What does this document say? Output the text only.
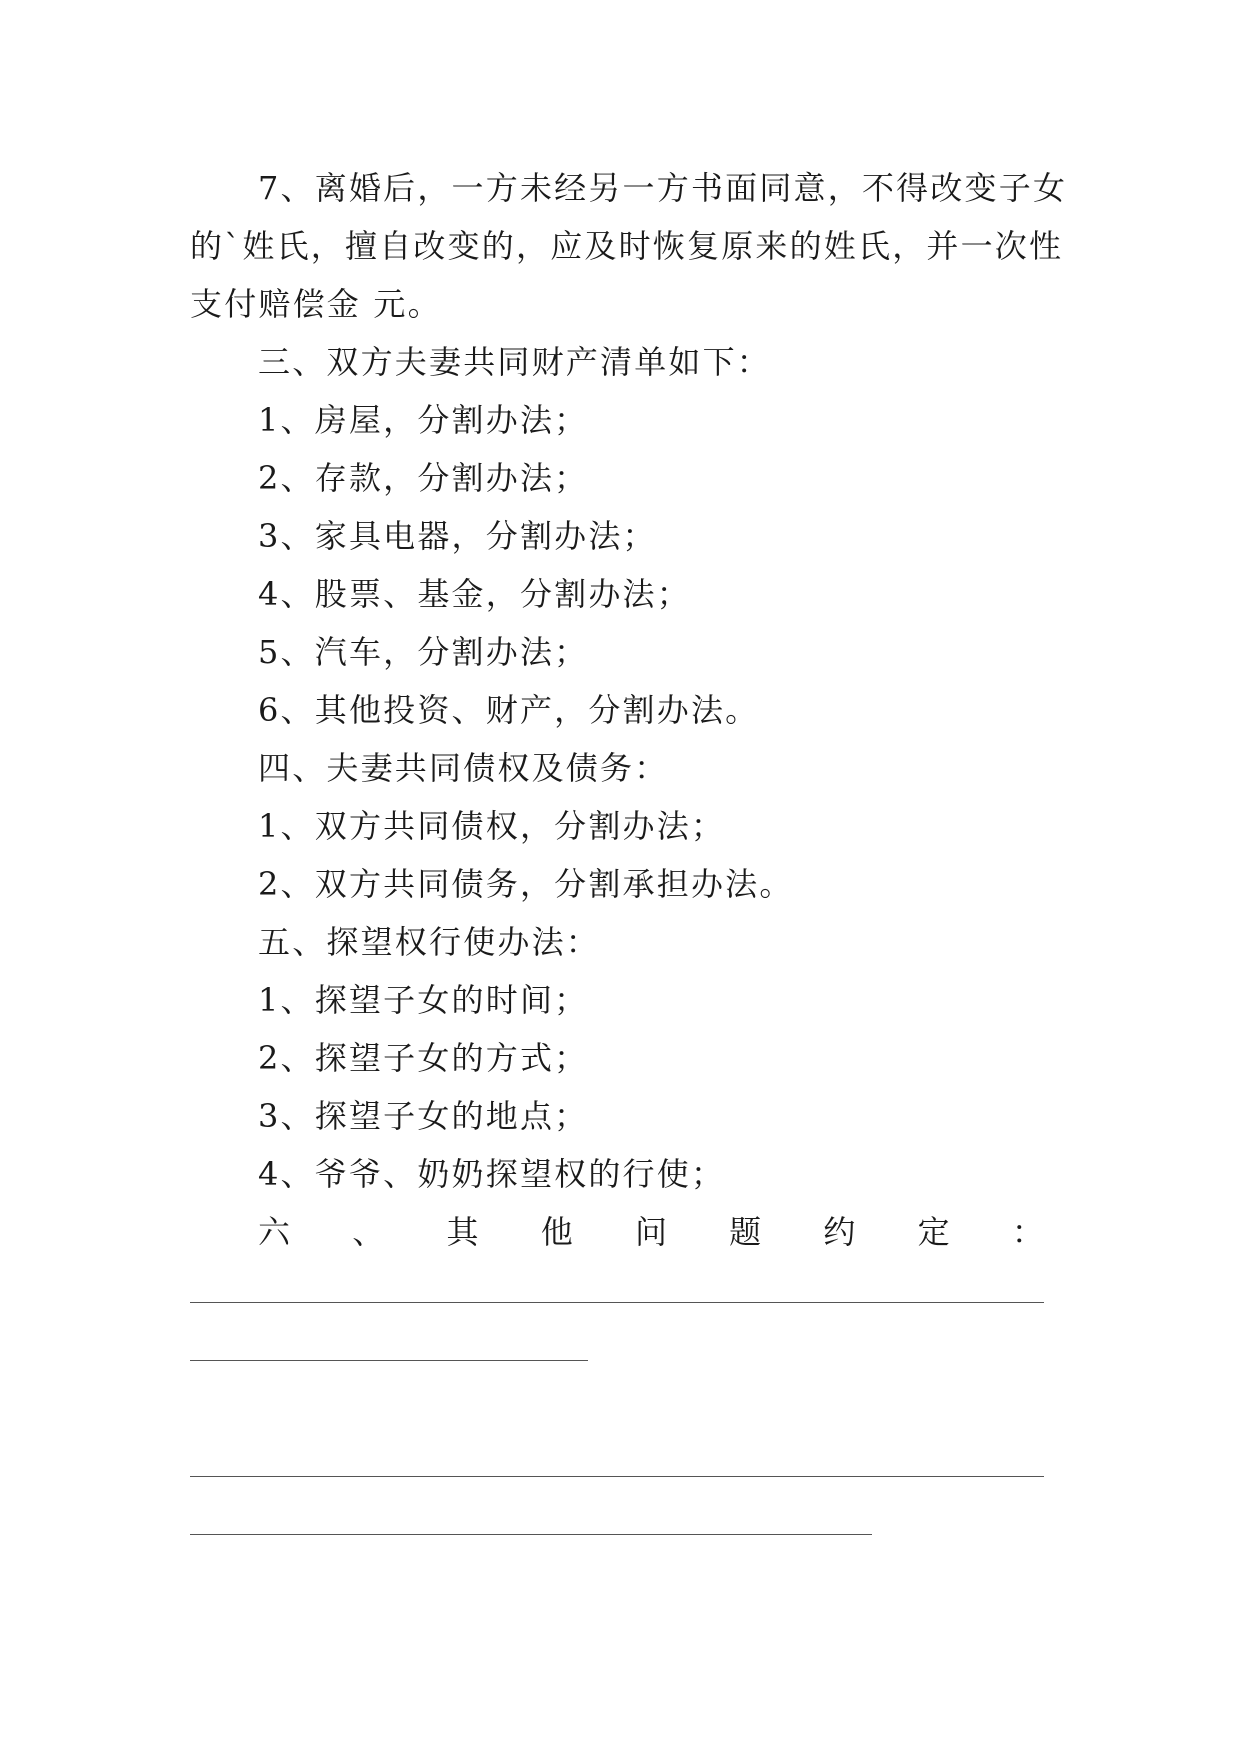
7、离婚后，一方未经另一方书面同意，不得改变子女
的`姓氏，擅自改变的，应及时恢复原来的姓氏，并一次性
支付赔偿金 元。
三、双方夫妻共同财产清单如下：
1、房屋，分割办法；
2、存款，分割办法；
3、家具电器，分割办法；
4、股票、基金，分割办法；
5、汽车，分割办法；
6、其他投资、财产，分割办法。
四、夫妻共同债权及债务：
1、双方共同债权，分割办法；
2、双方共同债务，分割承担办法。
五、探望权行使办法：
1、探望子女的时间；
2、探望子女的方式；
3、探望子女的地点；
4、爷爷、奶奶探望权的行使；
六 、 其 他 问 题 约 定 ：
